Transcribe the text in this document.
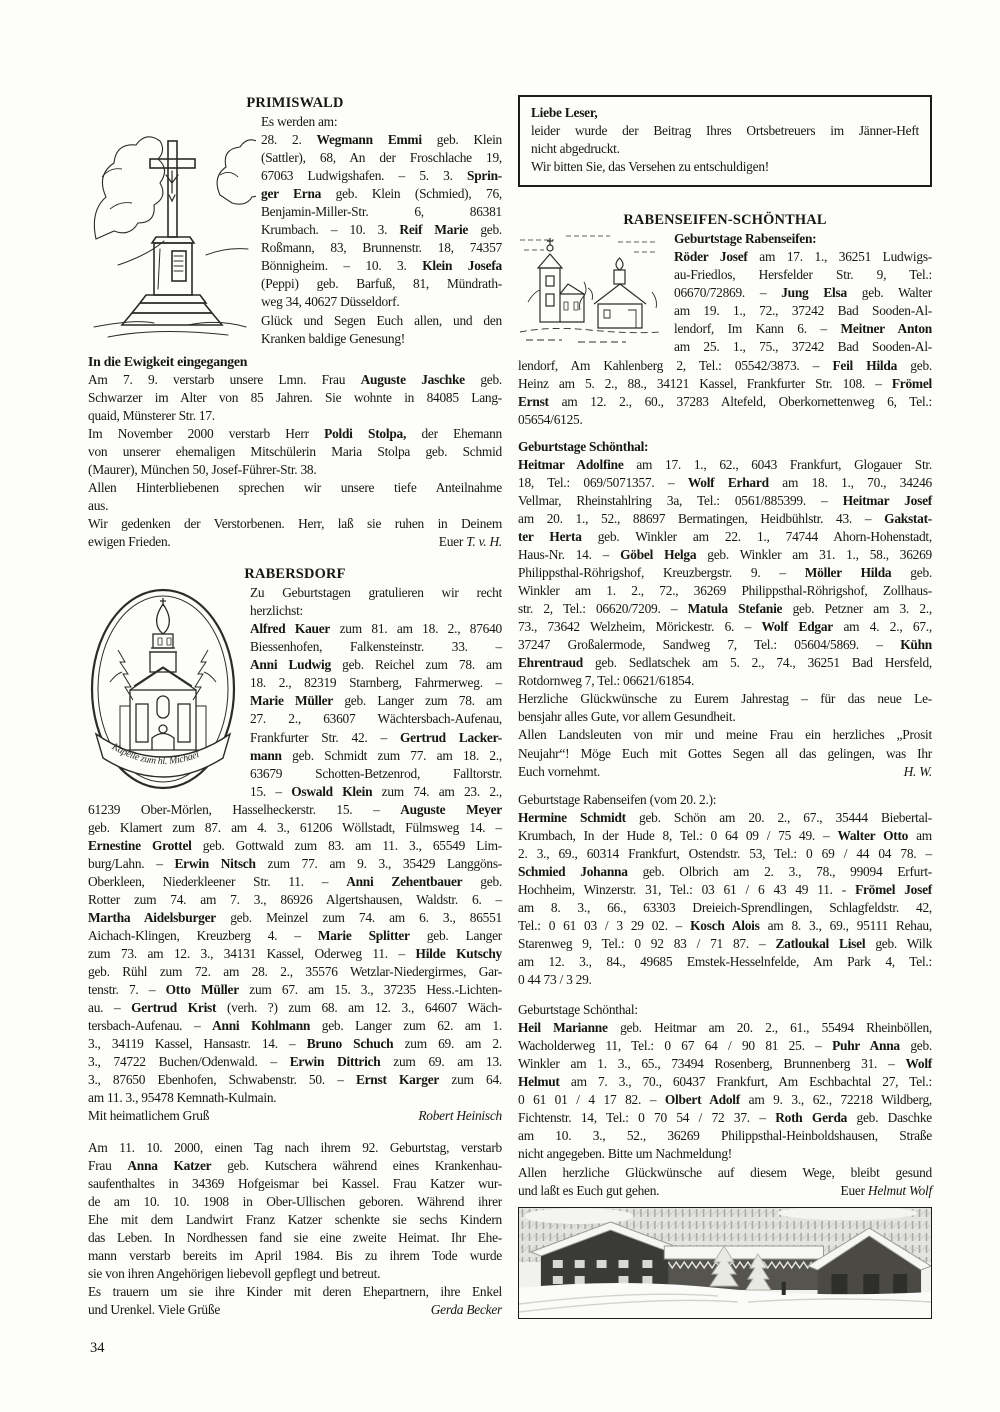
PRIMISWALD
Es werden am:
28. 2. Wegmann Emmi geb. Klein
(Sattler), 68, An der Froschlache 19,
67063 Ludwigshafen. – 5. 3. Sprin-
ger Erna geb. Klein (Schmied), 76,
Benjamin-Miller-Str. 6, 86381
Krumbach. – 10. 3. Reif Marie geb.
Roßmann, 83, Brunnenstr. 18, 74357
Bönnigheim. – 10. 3. Klein Josefa
(Peppi) geb. Barfuß, 81, Mündrath-
weg 34, 40627 Düsseldorf.
Glück und Segen Euch allen, und den
Kranken baldige Genesung!
In die Ewigkeit eingegangen
Am 7. 9. verstarb unsere Lmn. Frau Auguste Jaschke geb.
Schwarzer im Alter von 85 Jahren. Sie wohnte in 84085 Lang-
quaid, Münsterer Str. 17.
Im November 2000 verstarb Herr Poldi Stolpa, der Ehemann
von unserer ehemaligen Mitschülerin Maria Stolpa geb. Schmid
(Maurer), München 50, Josef-Führer-Str. 38.
Allen Hinterbliebenen sprechen wir unsere tiefe Anteilnahme
aus.
Wir gedenken der Verstorbenen. Herr, laß sie ruhen in Deinem
ewigen Frieden.	Euer T. v. H.
RABERSDORF
Kapelle zum hl. Michael
Zu Geburtstagen gratulieren wir recht
herzlichst:
Alfred Kauer zum 81. am 18. 2., 87640
Biessenhofen, Falkensteinstr. 33. –
Anni Ludwig geb. Reichel zum 78. am
18. 2., 82319 Starnberg, Fahrmerweg. –
Marie Müller geb. Langer zum 78. am
27. 2., 63607 Wächtersbach-Aufenau,
Frankfurter Str. 42. – Gertrud Lacker-
mann geb. Schmidt zum 77. am 18. 2.,
63679 Schotten-Betzenrod, Falltorstr.
15. – Oswald Klein zum 74. am 23. 2.,
61239 Ober-Mörlen, Hasselheckerstr. 15. – Auguste Meyer
geb. Klamert zum 87. am 4. 3., 61206 Wöllstadt, Fülmsweg 14. –
Ernestine Grottel geb. Gottwald zum 83. am 11. 3., 65549 Lim-
burg/Lahn. – Erwin Nitsch zum 77. am 9. 3., 35429 Langgöns-
Oberkleen, Niederkleener Str. 11. – Anni Zehentbauer geb.
Rotter zum 74. am 7. 3., 86926 Algertshausen, Waldstr. 6. –
Martha Aidelsburger geb. Meinzel zum 74. am 6. 3., 86551
Aichach-Klingen, Kreuzberg 4. – Marie Splitter geb. Langer
zum 73. am 12. 3., 34131 Kassel, Oderweg 11. – Hilde Kutschy
geb. Rühl zum 72. am 28. 2., 35576 Wetzlar-Niedergirmes, Gar-
tenstr. 7. – Otto Müller zum 67. am 15. 3., 37235 Hess.-Lichten-
au. – Gertrud Krist (verh. ?) zum 68. am 12. 3., 64607 Wäch-
tersbach-Aufenau. – Anni Kohlmann geb. Langer zum 62. am 1.
3., 34119 Kassel, Hansastr. 14. – Bruno Schuch zum 69. am 2.
3., 74722 Buchen/Odenwald. – Erwin Dittrich zum 69. am 13.
3., 87650 Ebenhofen, Schwabenstr. 50. – Ernst Karger zum 64.
am 11. 3., 95478 Kemnath-Kulmain.
Mit heimatlichem Gruß	Robert Heinisch
Am 11. 10. 2000, einen Tag nach ihrem 92. Geburtstag, verstarb
Frau Anna Katzer geb. Kutschera während eines Krankenhau-
saufenthaltes in 34369 Hofgeismar bei Kassel. Frau Katzer wur-
de am 10. 10. 1908 in Ober-Ullischen geboren. Während ihrer
Ehe mit dem Landwirt Franz Katzer schenkte sie sechs Kindern
das Leben. In Nordhessen fand sie eine zweite Heimat. Ihr Ehe-
mann verstarb bereits im April 1984. Bis zu ihrem Tode wurde
sie von ihren Angehörigen liebevoll gepflegt und betreut.
Es trauern um sie ihre Kinder mit deren Ehepartnern, ihre Enkel
und Urenkel. Viele Grüße	Gerda Becker
Liebe Leser,
leider wurde der Beitrag Ihres Ortsbetreuers im Jänner-Heft
nicht abgedruckt.
Wir bitten Sie, das Versehen zu entschuldigen!
RABENSEIFEN-SCHÖNTHAL
Geburtstage Rabenseifen:
Röder Josef am 17. 1., 36251 Ludwigs-
au-Friedlos, Hersfelder Str. 9, Tel.:
06670/72869. – Jung Elsa geb. Walter
am 19. 1., 72., 37242 Bad Sooden-Al-
lendorf, Im Kann 6. – Meitner Anton
am 25. 1., 75., 37242 Bad Sooden-Al-
lendorf, Am Kahlenberg 2, Tel.: 05542/3873. – Feil Hilda geb.
Heinz am 5. 2., 88., 34121 Kassel, Frankfurter Str. 108. – Frömel
Ernst am 12. 2., 60., 37283 Altefeld, Oberkornettenweg 6, Tel.:
05654/6125.
Geburtstage Schönthal:
Heitmar Adolfine am 17. 1., 62., 6043 Frankfurt, Glogauer Str.
18, Tel.: 069/5071357. – Wolf Erhard am 18. 1., 70., 34246
Vellmar, Rheinstahlring 3a, Tel.: 0561/885399. – Heitmar Josef
am 20. 1., 52., 88697 Bermatingen, Heidbühlstr. 43. – Gakstat-
ter Herta geb. Winkler am 22. 1., 74744 Ahorn-Hohenstadt,
Haus-Nr. 14. – Göbel Helga geb. Winkler am 31. 1., 58., 36269
Philippsthal-Röhrigshof, Kreuzbergstr. 9. – Möller Hilda geb.
Winkler am 1. 2., 72., 36269 Philippsthal-Röhrigshof, Zollhaus-
str. 2, Tel.: 06620/7209. – Matula Stefanie geb. Petzner am 3. 2.,
73., 73642 Welzheim, Mörickestr. 6. – Wolf Edgar am 4. 2., 67.,
37247 Großalermode, Sandweg 7, Tel.: 05604/5869. – Kühn
Ehrentraud geb. Sedlatschek am 5. 2., 74., 36251 Bad Hersfeld,
Rotdornweg 7, Tel.: 06621/61854.
Herzliche Glückwünsche zu Eurem Jahrestag – für das neue Le-
bensjahr alles Gute, vor allem Gesundheit.
Allen Landsleuten von mir und meine Frau ein herzliches „Prosit
Neujahr“! Möge Euch mit Gottes Segen all das gelingen, was Ihr
Euch vornehmt.	H. W.
Geburtstage Rabenseifen (vom 20. 2.):
Hermine Schmidt geb. Schön am 20. 2., 67., 35444 Biebertal-
Krumbach, In der Hude 8, Tel.: 0 64 09 / 75 49. – Walter Otto am
2. 3., 69., 60314 Frankfurt, Ostendstr. 53, Tel.: 0 69 / 44 04 78. –
Schmied Johanna geb. Olbrich am 2. 3., 78., 99094 Erfurt-
Hochheim, Winzerstr. 31, Tel.: 03 61 / 6 43 49 11. - Frömel Josef
am 8. 3., 66., 63303 Dreieich-Sprendlingen, Schlagfeldstr. 42,
Tel.: 0 61 03 / 3 29 02. – Kosch Alois am 8. 3., 69., 95111 Rehau,
Starenweg 9, Tel.: 0 92 83 / 71 87. – Zatloukal Lisel geb. Wilk
am 12. 3., 84., 49685 Emstek-Hesselnfelde, Am Park 4, Tel.:
0 44 73 / 3 29.
Geburtstage Schönthal:
Heil Marianne geb. Heitmar am 20. 2., 61., 55494 Rheinböllen,
Wacholderweg 11, Tel.: 0 67 64 / 90 81 25. – Puhr Anna geb.
Winkler am 1. 3., 65., 73494 Rosenberg, Brunnenberg 31. – Wolf
Helmut am 7. 3., 70., 60437 Frankfurt, Am Eschbachtal 27, Tel.:
0 61 01 / 4 17 82. – Olbert Adolf am 9. 3., 62., 72218 Wildberg,
Fichtenstr. 14, Tel.: 0 70 54 / 72 37. – Roth Gerda geb. Daschke
am 10. 3., 52., 36269 Philippsthal-Heinboldshausen, Straße
nicht angegeben. Bitte um Nachmeldung!
Allen herzliche Glückwünsche auf diesem Wege, bleibt gesund
und laßt es Euch gut gehen.	Euer Helmut Wolf
34
